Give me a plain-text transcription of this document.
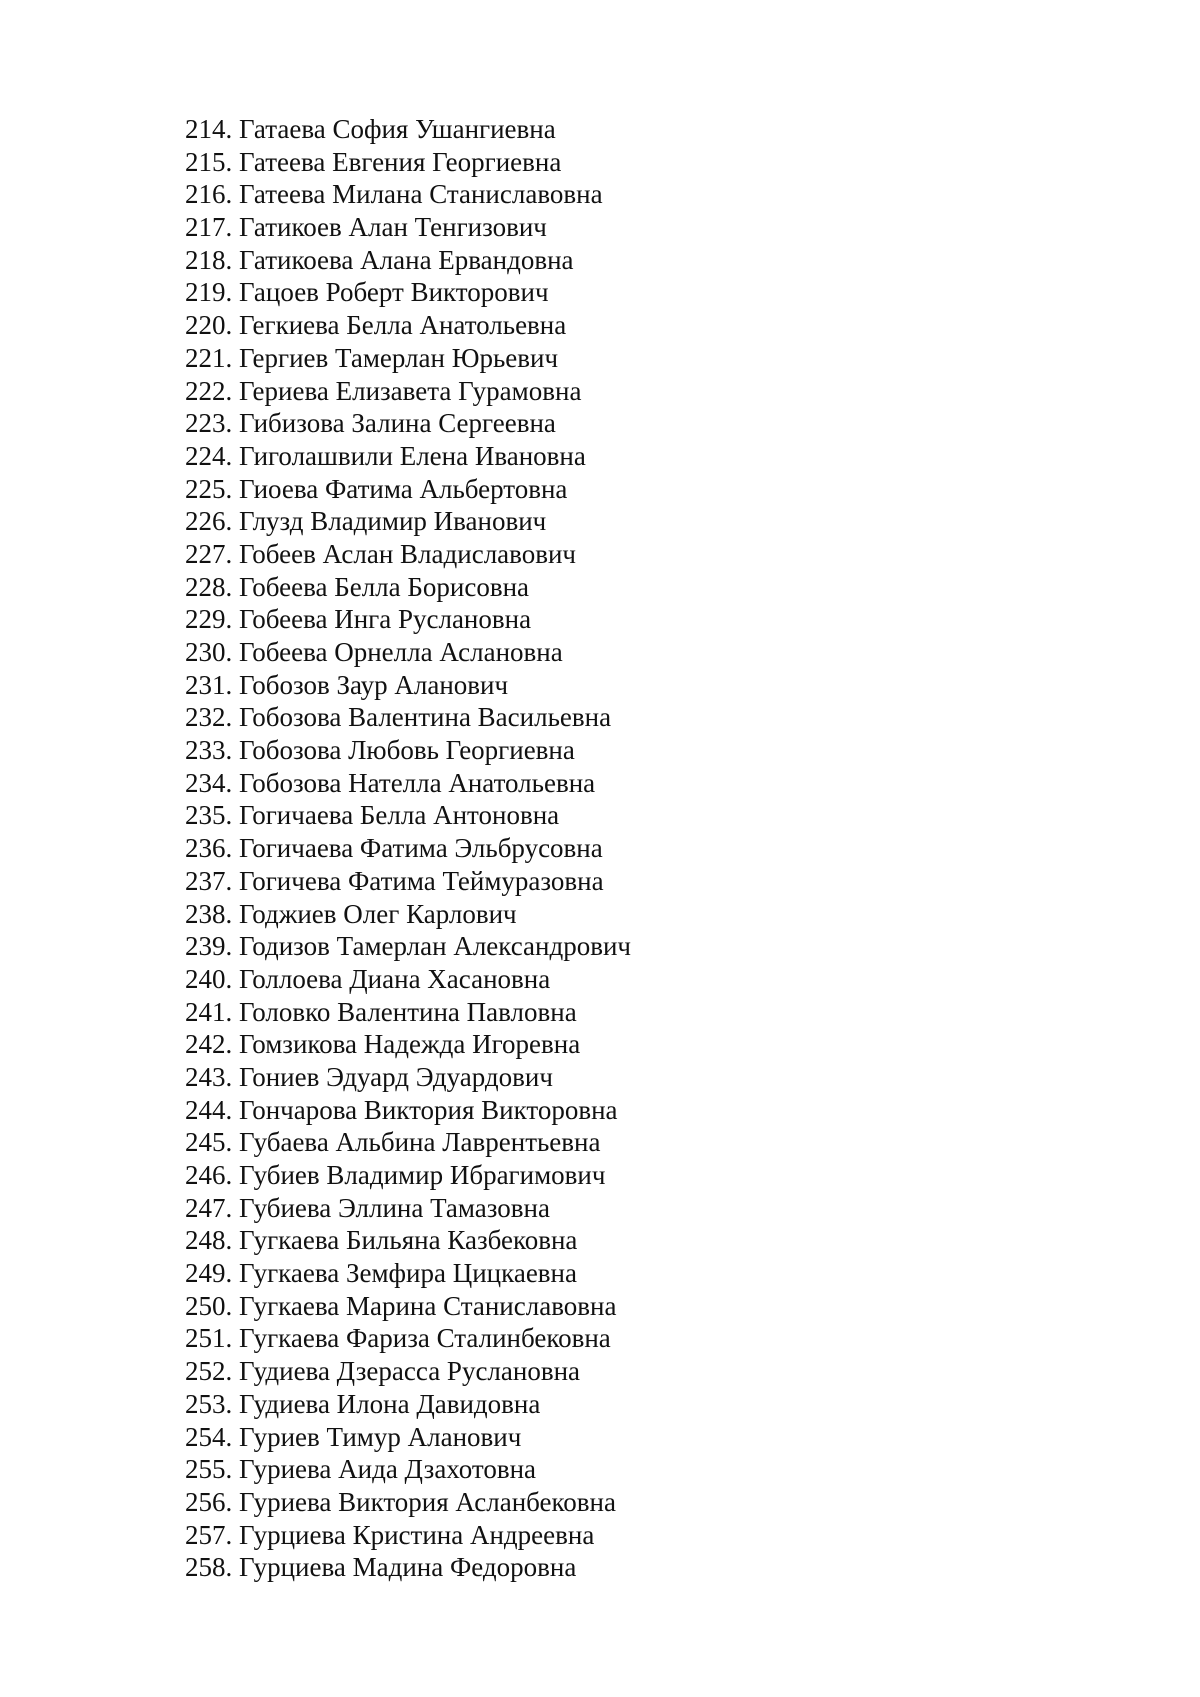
214. Гатаева София Ушангиевна
215. Гатеева Евгения Георгиевна
216. Гатеева Милана Станиславовна
217. Гатикоев Алан Тенгизович
218. Гатикоева Алана Ервандовна
219. Гацоев Роберт Викторович
220. Гегкиева Белла Анатольевна
221. Гергиев Тамерлан Юрьевич
222. Гериева Елизавета Гурамовна
223. Гибизова Залина Сергеевна
224. Гиголашвили Елена Ивановна
225. Гиоева Фатима Альбертовна
226. Глузд Владимир Иванович
227. Гобеев Аслан Владиславович
228. Гобеева Белла Борисовна
229. Гобеева Инга Руслановна
230. Гобеева Орнелла Аслановна
231. Гобозов Заур Аланович
232. Гобозова Валентина Васильевна
233. Гобозова Любовь Георгиевна
234. Гобозова Нателла Анатольевна
235. Гогичаева Белла Антоновна
236. Гогичаева Фатима Эльбрусовна
237. Гогичева Фатима Теймуразовна
238. Годжиев Олег Карлович
239. Годизов Тамерлан Александрович
240. Голлоева Диана Хасановна
241. Головко Валентина Павловна
242. Гомзикова Надежда Игоревна
243. Гониев Эдуард Эдуардович
244. Гончарова Виктория Викторовна
245. Губаева Альбина Лаврентьевна
246. Губиев Владимир Ибрагимович
247. Губиева Эллина Тамазовна
248. Гугкаева Бильяна Казбековна
249. Гугкаева Земфира Цицкаевна
250. Гугкаева Марина Станиславовна
251. Гугкаева Фариза Сталинбековна
252. Гудиева Дзерасса Руслановна
253. Гудиева Илона Давидовна
254. Гуриев Тимур Аланович
255. Гуриева Аида Дзахотовна
256. Гуриева Виктория Асланбековна
257. Гурциева Кристина Андреевна
258. Гурциева Мадина Федоровна
